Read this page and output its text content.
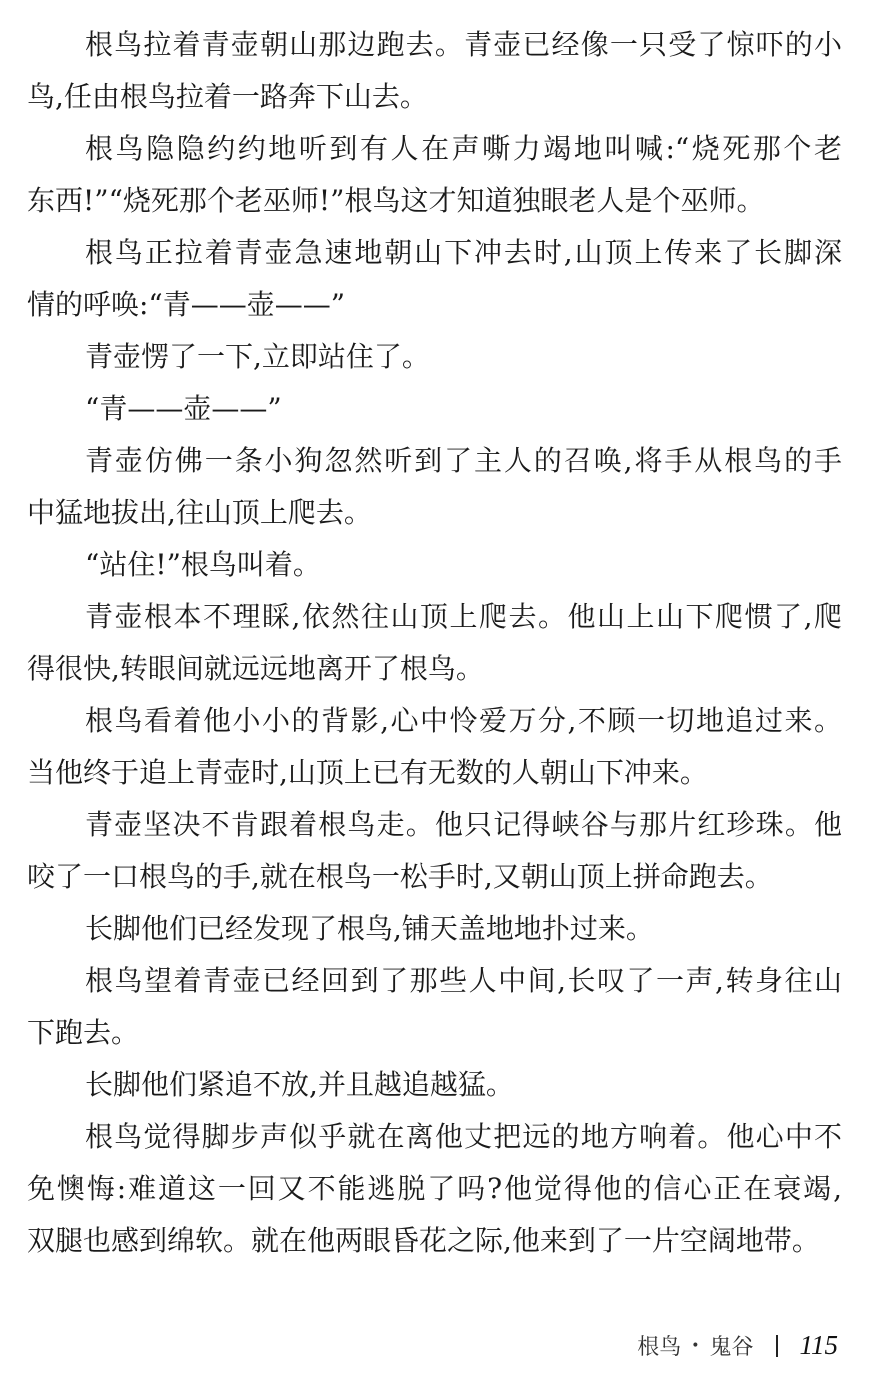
根鸟拉着青壶朝山那边跑去。青壶已经像一只受了惊吓的小
鸟,任由根鸟拉着一路奔下山去。
根鸟隐隐约约地听到有人在声嘶力竭地叫喊:“烧死那个老
东西!”“烧死那个老巫师!”根鸟这才知道独眼老人是个巫师。
根鸟正拉着青壶急速地朝山下冲去时,山顶上传来了长脚深
情的呼唤:“青——壶——”
青壶愣了一下,立即站住了。
“青——壶——”
青壶仿佛一条小狗忽然听到了主人的召唤,将手从根鸟的手
中猛地拔出,往山顶上爬去。
“站住!”根鸟叫着。
青壶根本不理睬,依然往山顶上爬去。他山上山下爬惯了,爬
得很快,转眼间就远远地离开了根鸟。
根鸟看着他小小的背影,心中怜爱万分,不顾一切地追过来。
当他终于追上青壶时,山顶上已有无数的人朝山下冲来。
青壶坚决不肯跟着根鸟走。他只记得峡谷与那片红珍珠。他
咬了一口根鸟的手,就在根鸟一松手时,又朝山顶上拼命跑去。
长脚他们已经发现了根鸟,铺天盖地地扑过来。
根鸟望着青壶已经回到了那些人中间,长叹了一声,转身往山
下跑去。
长脚他们紧追不放,并且越追越猛。
根鸟觉得脚步声似乎就在离他丈把远的地方响着。他心中不
免懊悔:难道这一回又不能逃脱了吗?他觉得他的信心正在衰竭,
双腿也感到绵软。就在他两眼昏花之际,他来到了一片空阔地带。
根鸟 • 鬼谷 115
